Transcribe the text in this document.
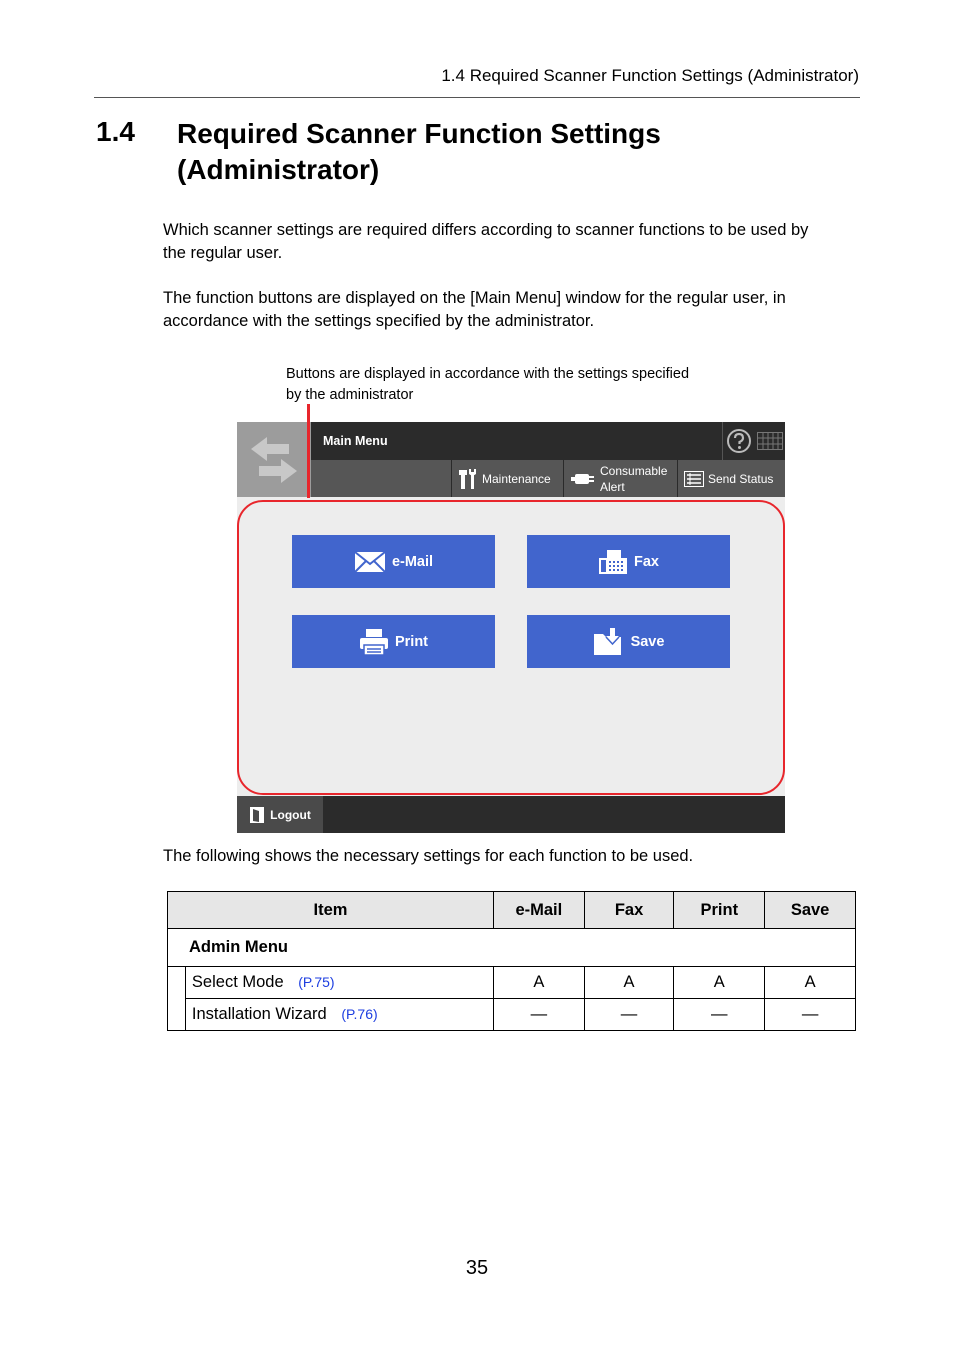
1.4 Required Scanner Function Settings (Administrator)
1.4 Required Scanner Function Settings
(Administrator)
Which scanner settings are required differs according to scanner functions to be used by
the regular user.
The function buttons are displayed on the [Main Menu] window for the regular user, in
accordance with the settings specified by the administrator.
Buttons are displayed in accordance with the settings specified
by the administrator
Main Menu
Maintenance
Consumable
Alert
Send Status
e-Mail	Fax
Print	Save
Logout
The following shows the necessary settings for each function to be used.
Item		e-Mail	Fax	Print	Save
Admin Menu					
	Select Mode (P.75)	A	A	A	A
	Installation Wizard (P.76)	—	—	—	—
35
